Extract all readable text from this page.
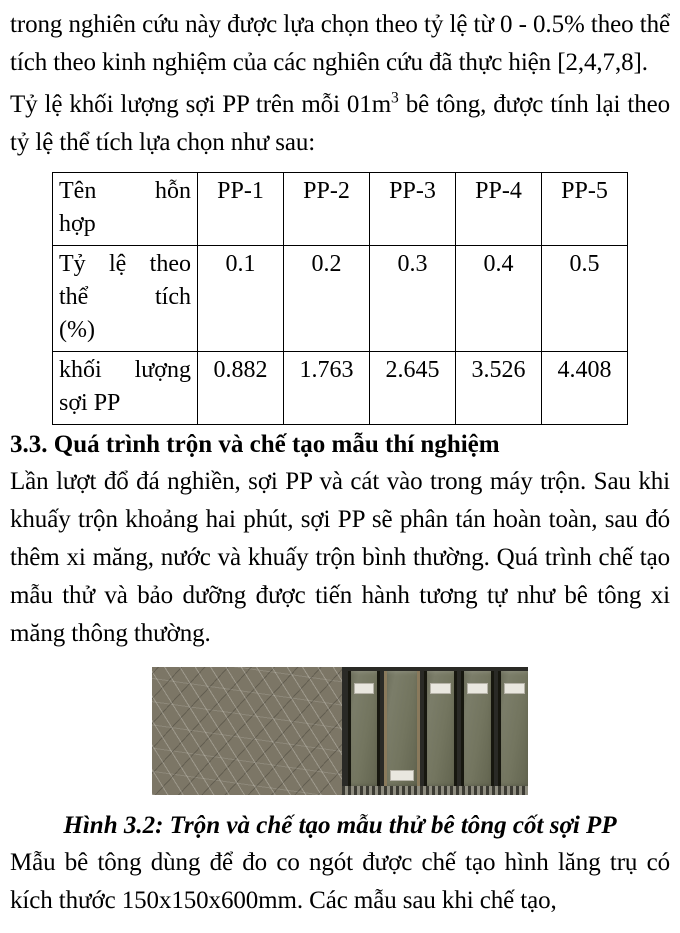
trong nghiên cứu này được lựa chọn theo tỷ lệ từ 0 - 0.5% theo thể tích theo kinh nghiệm của các nghiên cứu đã thực hiện [2,4,7,8].

Tỷ lệ khối lượng sợi PP trên mỗi $01m^3$ bê tông, được tính lại theo tỷ lệ thể tích lựa chọn như sau:

Tên hỗn
hợp	PP-1	PP-2	PP-3	PP-4	PP-5

Tỷ lệ theo
thể tích
(%)	0.1	0.2	0.3	0.4	0.5

khối lượng
sợi PP	0.882	1.763	2.645	3.526	4.408
3.3. Quá trình trộn và chế tạo mẫu thí nghiệm

Lần lượt đổ đá nghiền, sợi PP và cát vào trong máy trộn. Sau khi khuấy trộn khoảng hai phút, sợi PP sẽ phân tán hoàn toàn, sau đó thêm xi măng, nước và khuấy trộn bình thường. Quá trình chế tạo mẫu thử và bảo dưỡng được tiến hành tương tự như bê tông xi măng thông thường.

Hình 3.2: Trộn và chế tạo mẫu thử bê tông cốt sợi PP

Mẫu bê tông dùng để đo co ngót được chế tạo hình lăng trụ có kích thước 150x150x600mm. Các mẫu sau khi chế tạo,
